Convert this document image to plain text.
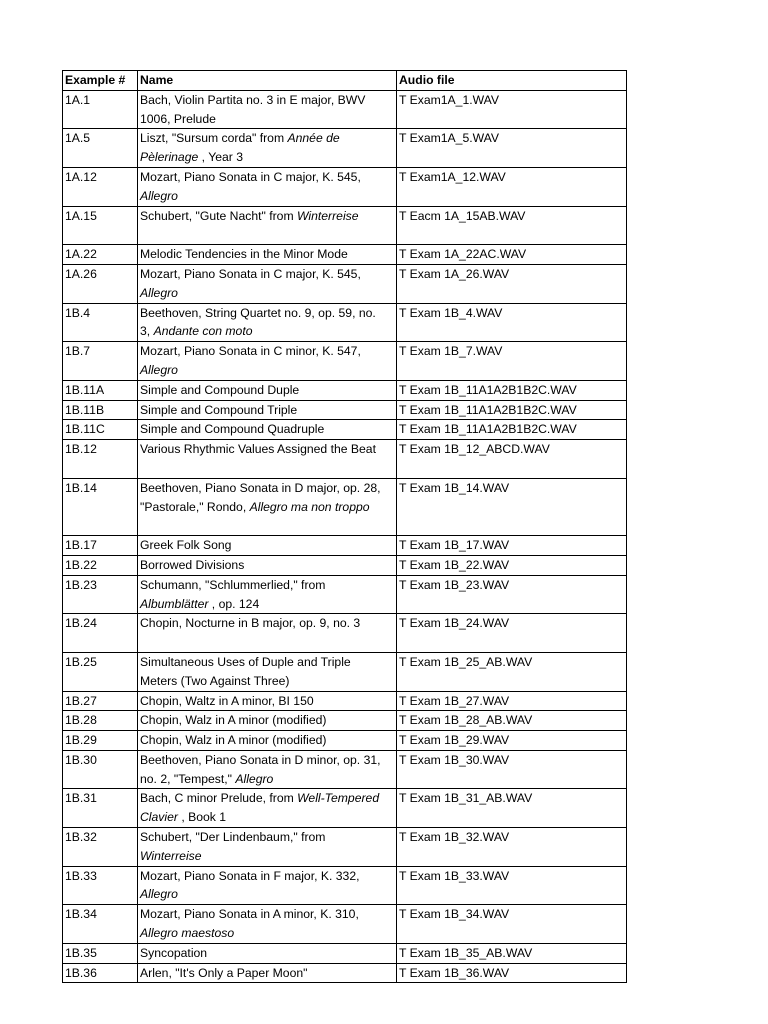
Example #	Name	Audio file
1A.1	Bach, Violin Partita no. 3 in E major, BWV
1006, Prelude	T Exam1A_1.WAV
1A.5	Liszt, "Sursum corda" from Année de
Pèlerinage , Year 3	T Exam1A_5.WAV
1A.12	Mozart, Piano Sonata in C major, K. 545,
Allegro	T Exam1A_12.WAV
1A.15	Schubert, "Gute Nacht" from Winterreise	T Eacm 1A_15AB.WAV
1A.22	Melodic Tendencies in the Minor Mode	T Exam 1A_22AC.WAV
1A.26	Mozart, Piano Sonata in C major, K. 545,
Allegro	T Exam 1A_26.WAV
1B.4	Beethoven, String Quartet no. 9, op. 59, no.
3, Andante con moto	T Exam 1B_4.WAV
1B.7	Mozart, Piano Sonata in C minor, K. 547,
Allegro	T Exam 1B_7.WAV
1B.11A	Simple and Compound Duple	T Exam 1B_11A1A2B1B2C.WAV
1B.11B	Simple and Compound Triple	T Exam 1B_11A1A2B1B2C.WAV
1B.11C	Simple and Compound Quadruple	T Exam 1B_11A1A2B1B2C.WAV
1B.12	Various Rhythmic Values Assigned the Beat	T Exam 1B_12_ABCD.WAV
1B.14	Beethoven, Piano Sonata in D major, op. 28,
"Pastorale," Rondo, Allegro ma non troppo	T Exam 1B_14.WAV
1B.17	Greek Folk Song	T Exam 1B_17.WAV
1B.22	Borrowed Divisions	T Exam 1B_22.WAV
1B.23	Schumann, "Schlummerlied," from
Albumblätter , op. 124	T Exam 1B_23.WAV
1B.24	Chopin, Nocturne in B major, op. 9, no. 3	T Exam 1B_24.WAV
1B.25	Simultaneous Uses of Duple and Triple
Meters (Two Against Three)	T Exam 1B_25_AB.WAV
1B.27	Chopin, Waltz in A minor, BI 150	T Exam 1B_27.WAV
1B.28	Chopin, Walz in A minor (modified)	T Exam 1B_28_AB.WAV
1B.29	Chopin, Walz in A minor (modified)	T Exam 1B_29.WAV
1B.30	Beethoven, Piano Sonata in D minor, op. 31,
no. 2, "Tempest," Allegro	T Exam 1B_30.WAV
1B.31	Bach, C minor Prelude, from Well-Tempered
Clavier , Book 1	T Exam 1B_31_AB.WAV
1B.32	Schubert, "Der Lindenbaum," from
Winterreise	T Exam 1B_32.WAV
1B.33	Mozart, Piano Sonata in F major, K. 332,
Allegro	T Exam 1B_33.WAV
1B.34	Mozart, Piano Sonata in A minor, K. 310,
Allegro maestoso	T Exam 1B_34.WAV
1B.35	Syncopation	T Exam 1B_35_AB.WAV
1B.36	Arlen, "It's Only a Paper Moon"	T Exam 1B_36.WAV
